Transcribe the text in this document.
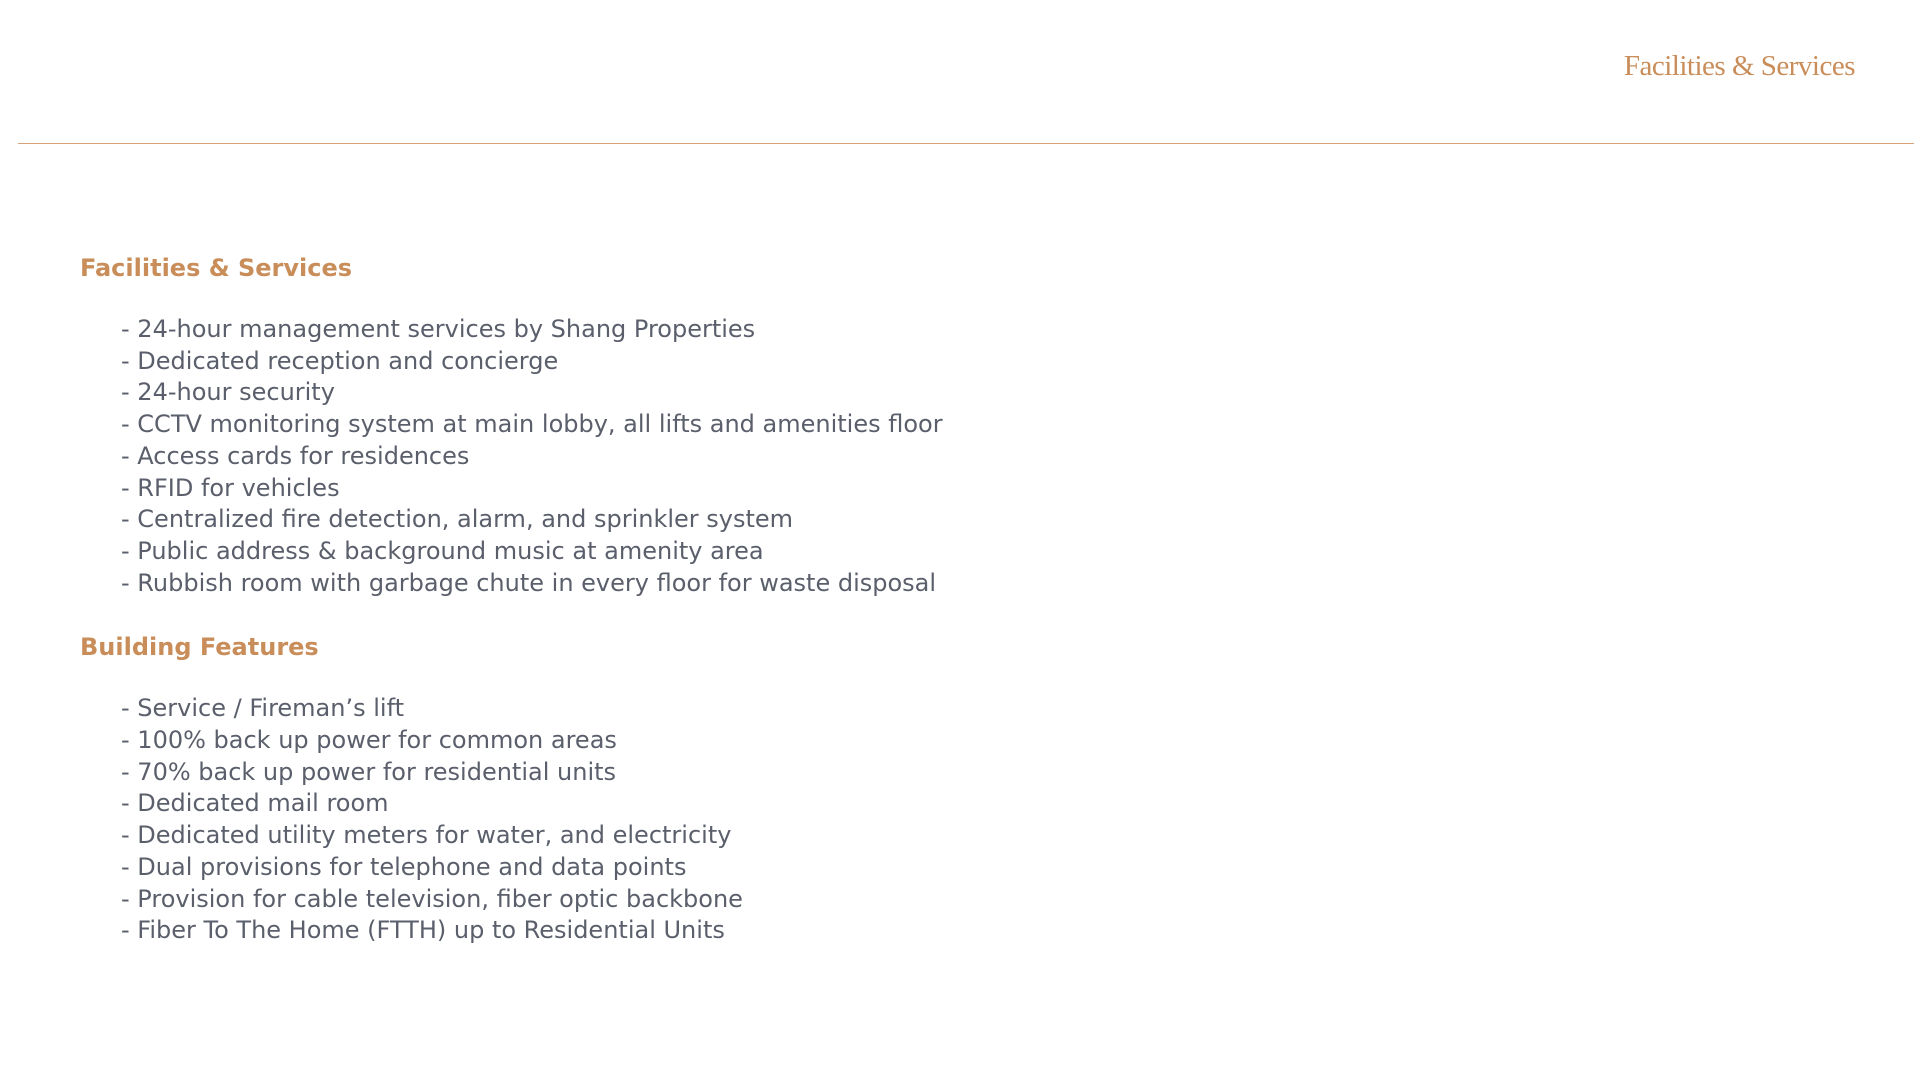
Facilities & Services
Facilities & Services
- 24-hour management services by Shang Properties
- Dedicated reception and concierge
- 24-hour security
- CCTV monitoring system at main lobby, all lifts and amenities floor
- Access cards for residences
- RFID for vehicles
- Centralized fire detection, alarm, and sprinkler system
- Public address & background music at amenity area
- Rubbish room with garbage chute in every floor for waste disposal
Building Features
- Service / Fireman’s lift
- 100% back up power for common areas
- 70% back up power for residential units
- Dedicated mail room
- Dedicated utility meters for water, and electricity
- Dual provisions for telephone and data points
- Provision for cable television, fiber optic backbone
- Fiber To The Home (FTTH) up to Residential Units
